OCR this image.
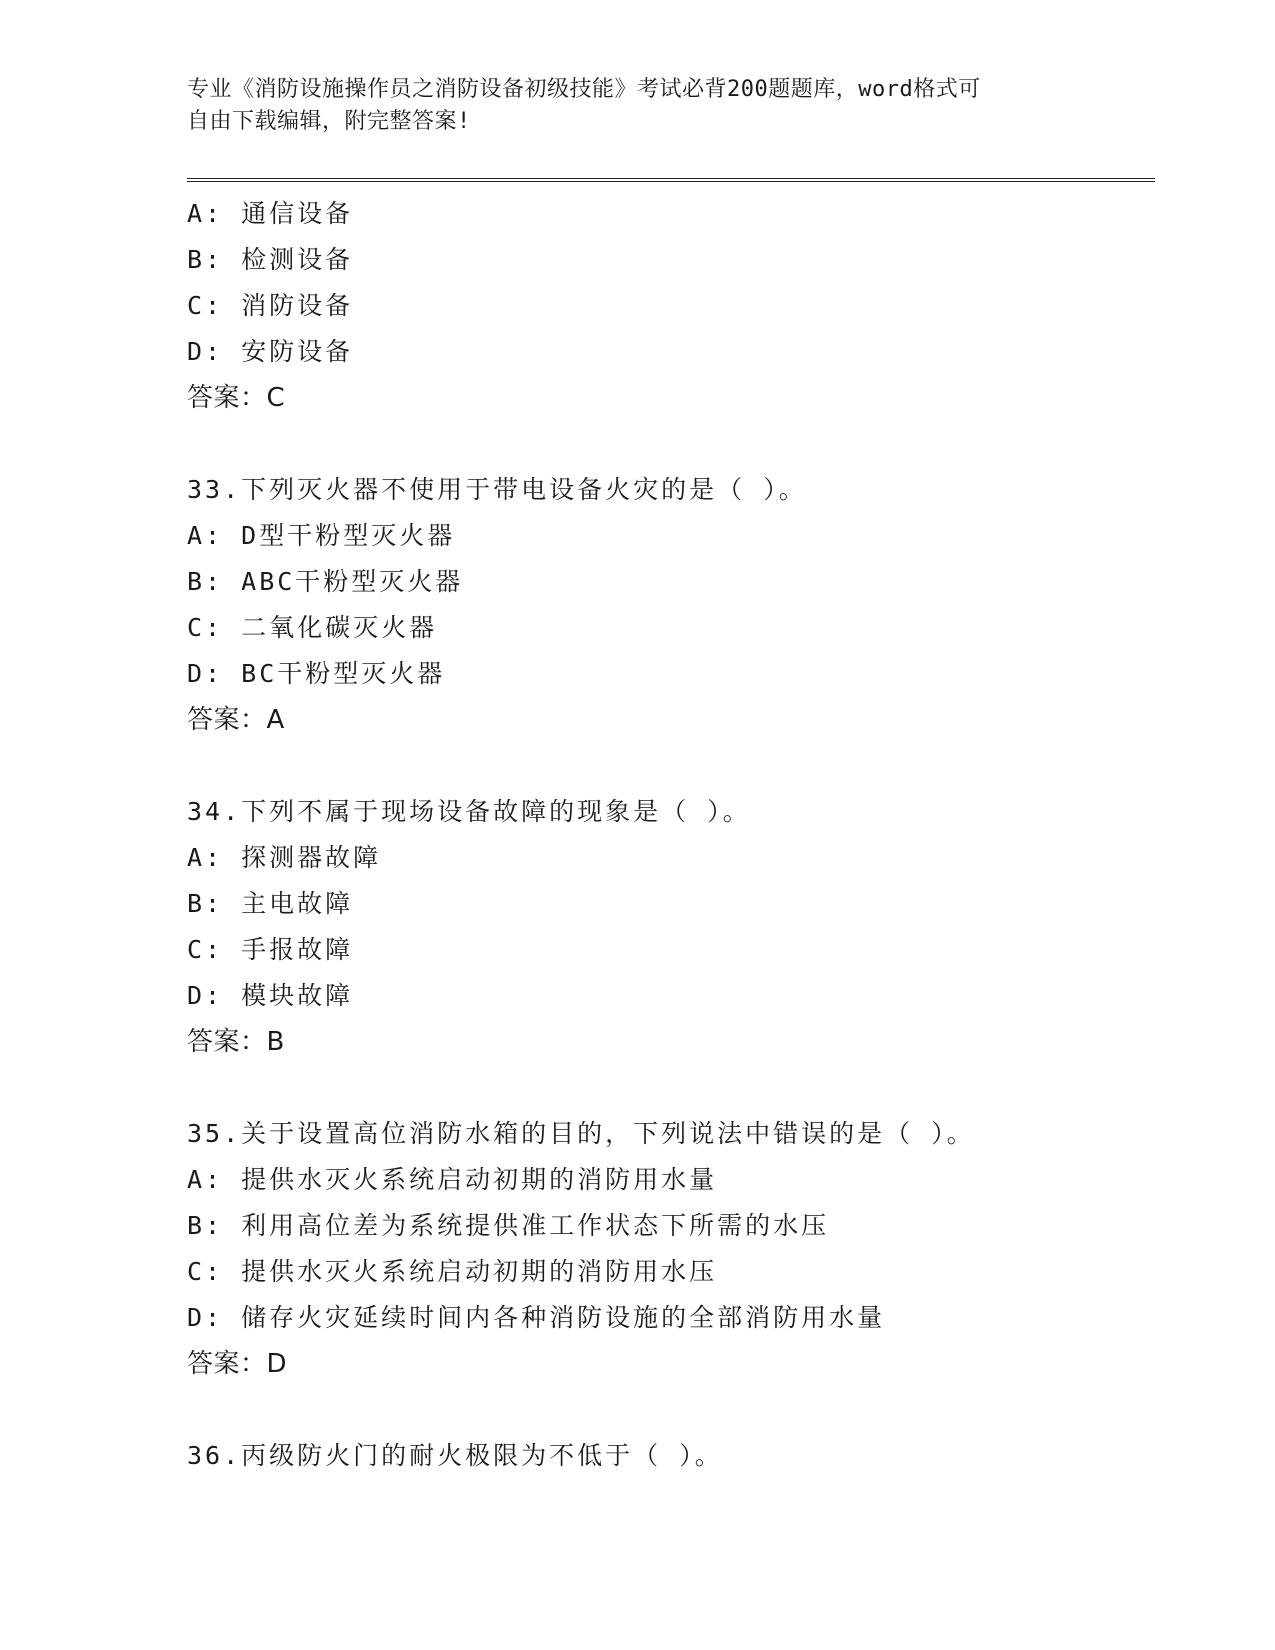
专业《消防设施操作员之消防设备初级技能》考试必背200题题库，word格式可
自由下载编辑，附完整答案!
A: 通信设备
B: 检测设备
C: 消防设备
D: 安防设备
答案：C
33.下列灭火器不使用于带电设备火灾的是（ ）。
A: D型干粉型灭火器
B: ABC干粉型灭火器
C: 二氧化碳灭火器
D: BC干粉型灭火器
答案：A
34.下列不属于现场设备故障的现象是（ ）。
A: 探测器故障
B: 主电故障
C: 手报故障
D: 模块故障
答案：B
35.关于设置高位消防水箱的目的，下列说法中错误的是（ ）。
A: 提供水灭火系统启动初期的消防用水量
B: 利用高位差为系统提供准工作状态下所需的水压
C: 提供水灭火系统启动初期的消防用水压
D: 储存火灾延续时间内各种消防设施的全部消防用水量
答案：D
36.丙级防火门的耐火极限为不低于（ ）。
